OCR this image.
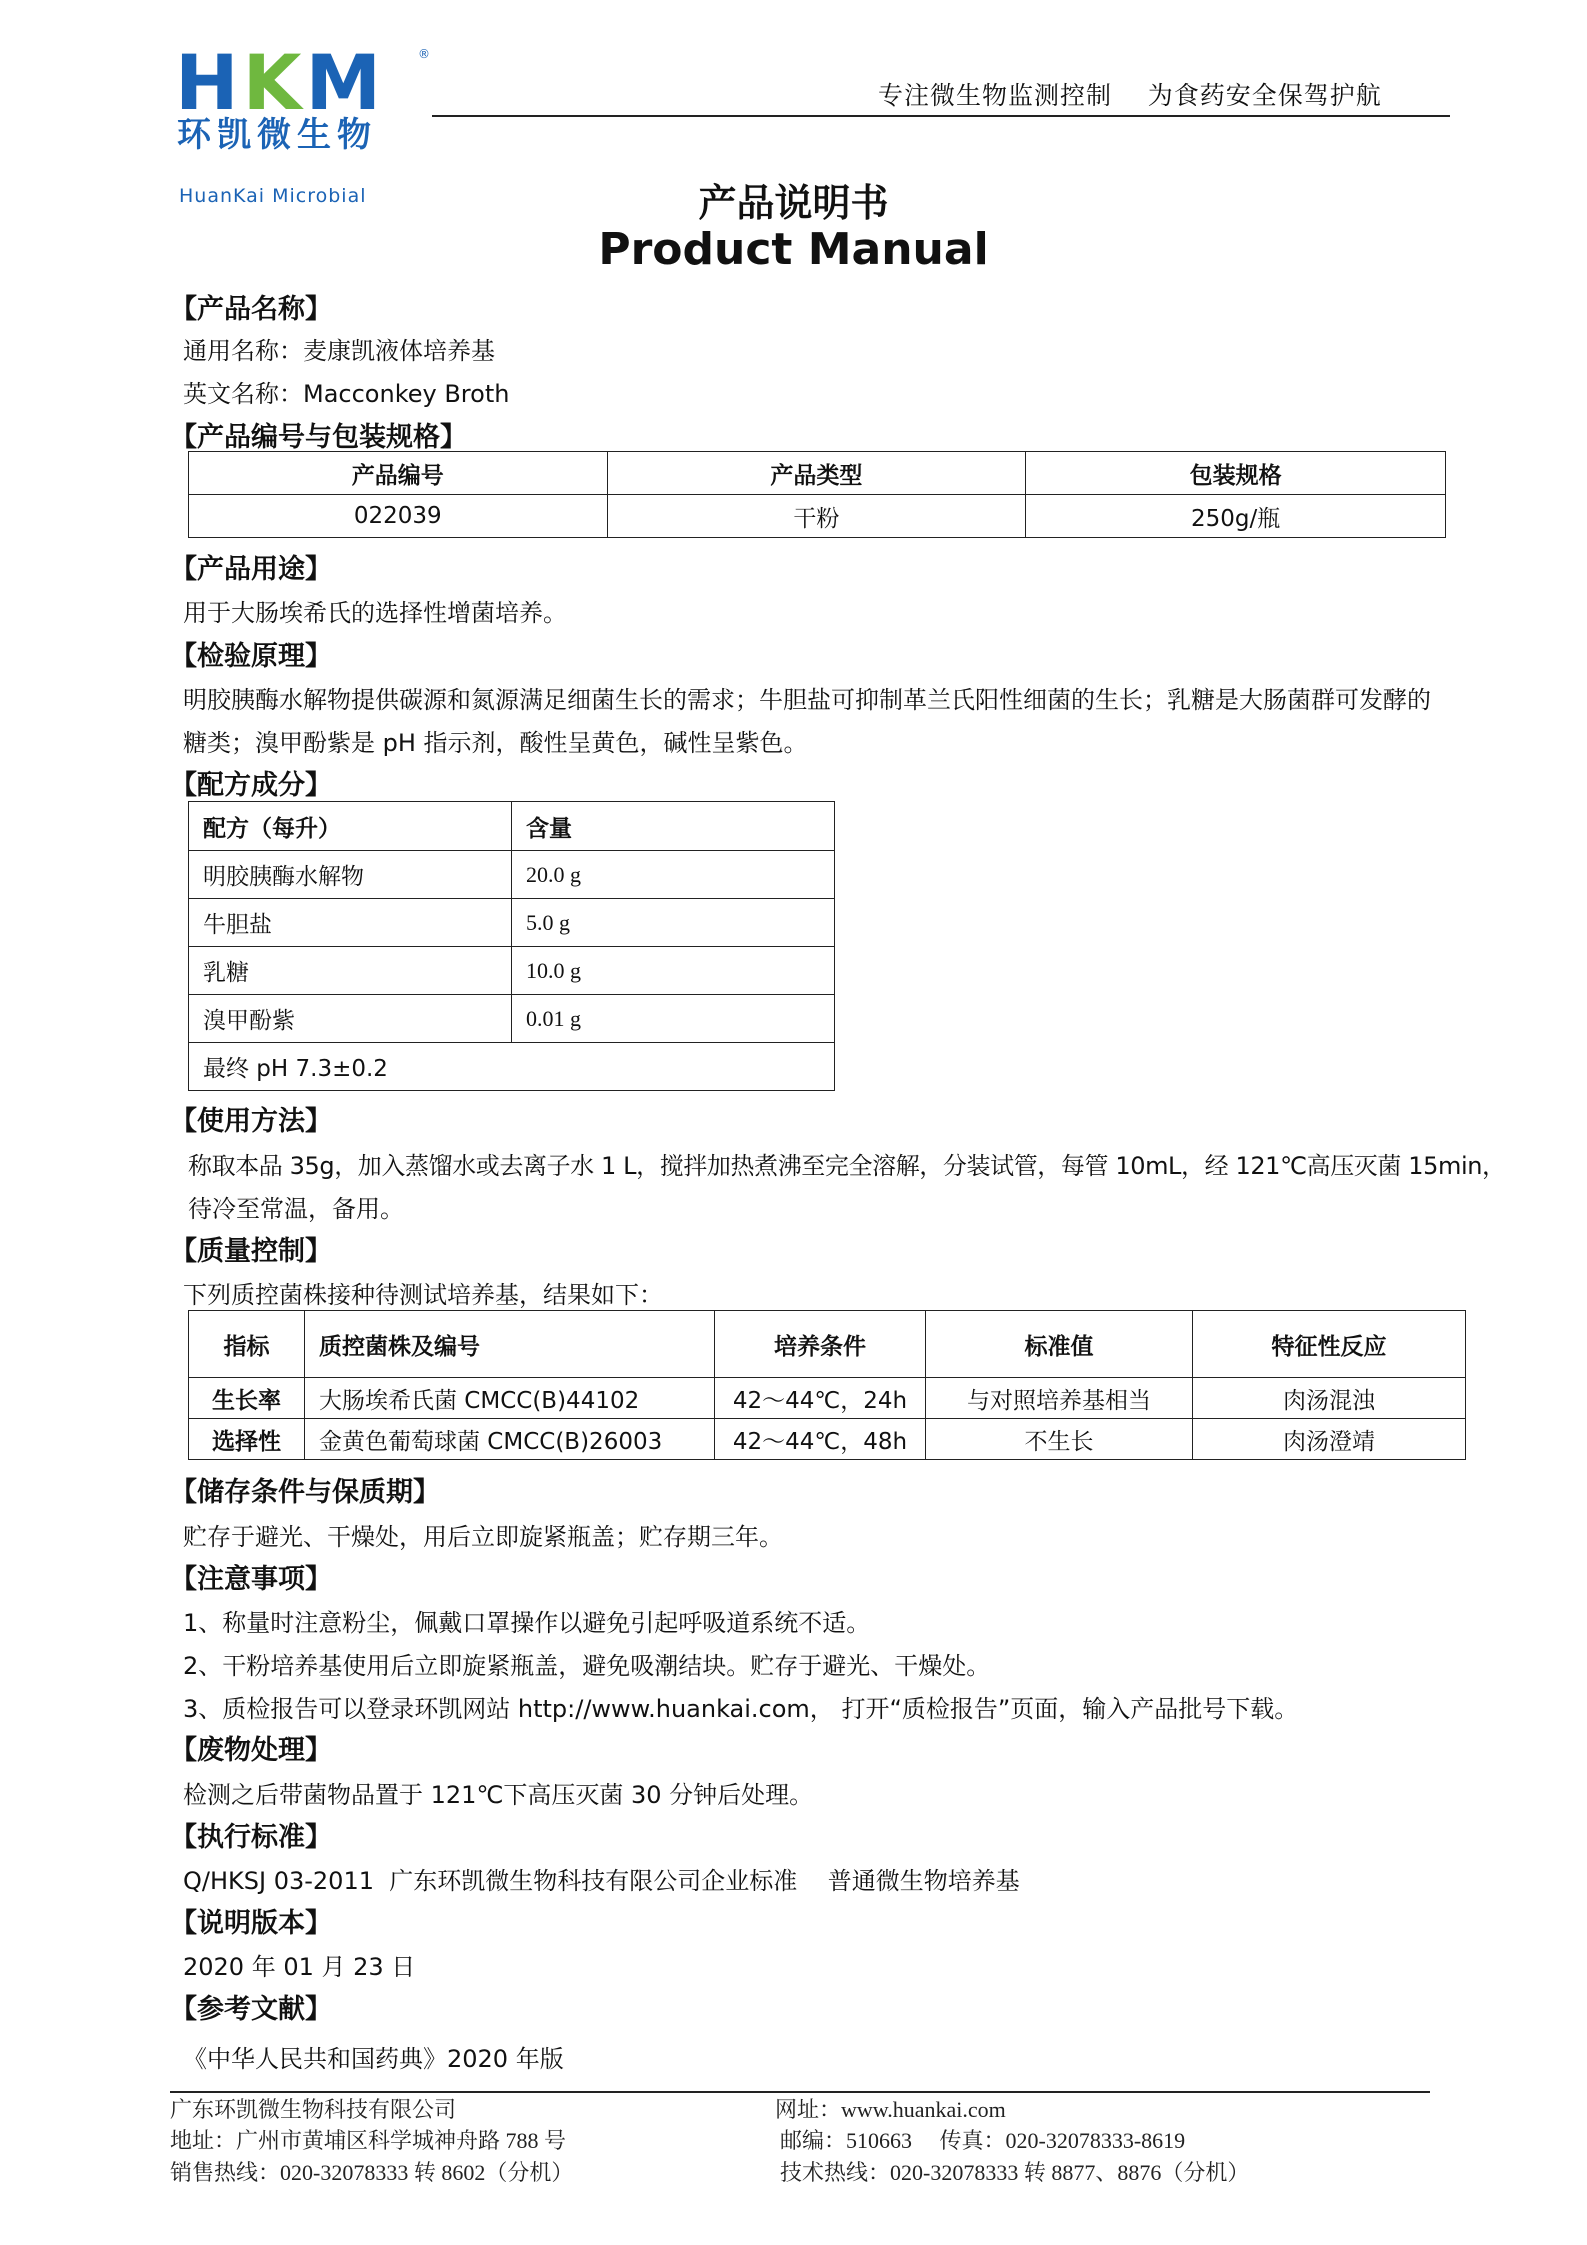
HKM	®
环凯微生物
HuanKai Microbial
专注微生物监测控制    为食药安全保驾护航
产品说明书
Product Manual
【产品名称】
通用名称：麦康凯液体培养基
英文名称：Macconkey Broth
【产品编号与包装规格】
产品编号	产品类型	包装规格
022039	干粉	250g/瓶
【产品用途】
用于大肠埃希氏的选择性增菌培养。
【检验原理】
明胶胰酶水解物提供碳源和氮源满足细菌生长的需求；牛胆盐可抑制革兰氏阳性细菌的生长；乳糖是大肠菌群可发酵的
糖类；溴甲酚紫是 pH 指示剂，酸性呈黄色，碱性呈紫色。
【配方成分】
配方（每升）	含量
明胶胰酶水解物	20.0 g
牛胆盐	5.0 g
乳糖	10.0 g
溴甲酚紫	0.01 g
最终 pH 7.3±0.2	
【使用方法】
称取本品 35g，加入蒸馏水或去离子水 1 L，搅拌加热煮沸至完全溶解，分装试管，每管 10mL，经 121℃高压灭菌 15min，
待冷至常温，备用。
【质量控制】
下列质控菌株接种待测试培养基，结果如下：
指标	质控菌株及编号	培养条件	标准值	特征性反应
生长率	大肠埃希氏菌 CMCC(B)44102	42～44℃，24h	与对照培养基相当	肉汤混浊
选择性	金黄色葡萄球菌 CMCC(B)26003	42～44℃，48h	不生长	肉汤澄靖
【储存条件与保质期】
贮存于避光、干燥处，用后立即旋紧瓶盖；贮存期三年。
【注意事项】
1、称量时注意粉尘，佩戴口罩操作以避免引起呼吸道系统不适。
2、干粉培养基使用后立即旋紧瓶盖，避免吸潮结块。贮存于避光、干燥处。
3、质检报告可以登录环凯网站 http://www.huankai.com， 打开“质检报告”页面，输入产品批号下载。
【废物处理】
检测之后带菌物品置于 121℃下高压灭菌 30 分钟后处理。
【执行标准】
Q/HKSJ 03-2011  广东环凯微生物科技有限公司企业标准    普通微生物培养基
【说明版本】
2020 年 01 月 23 日
【参考文献】
《中华人民共和国药典》2020 年版
广东环凯微生物科技有限公司
地址：广州市黄埔区科学城神舟路 788 号
销售热线：020-32078333 转 8602（分机）
网址：www.huankai.com
邮编：510663     传真：020-32078333-8619
技术热线：020-32078333 转 8877、8876（分机）
